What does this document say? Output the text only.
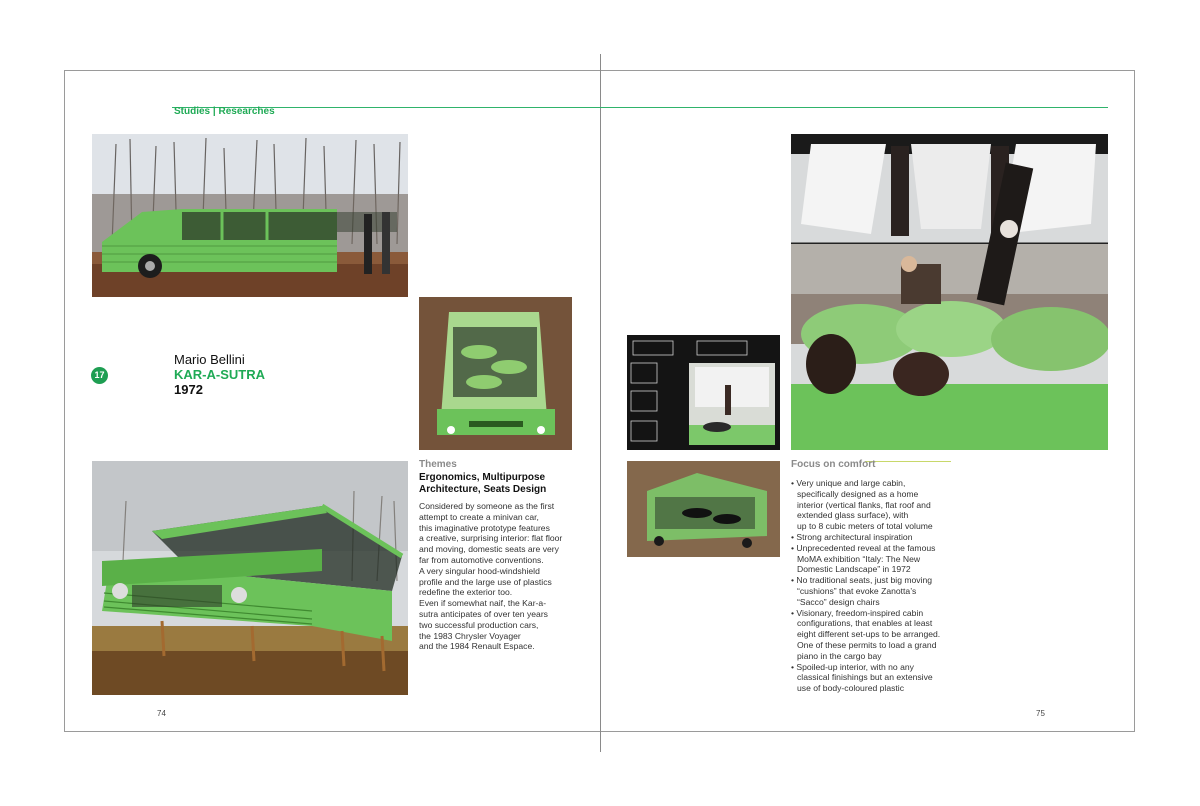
Studies | Researches
17
Mario Bellini
KAR-A-SUTRA
1972
Themes
Ergonomics, Multipurpose
Architecture, Seats Design
Considered by someone as the first
attempt to create a minivan car,
this imaginative prototype features
a creative, surprising interior: flat floor
and moving, domestic seats are very
far from automotive conventions.
A very singular hood-windshield
profile and the large use of plastics
redefine the exterior too.
Even if somewhat naif, the Kar-a-
sutra anticipates of over ten years
two successful production cars,
the 1983 Chrysler Voyager
and the 1984 Renault Espace.
Focus on comfort
• Very unique and large cabin,
specifically designed as a home
interior (vertical flanks, flat roof and
extended glass surface), with
up to 8 cubic meters of total volume
• Strong architectural inspiration
• Unprecedented reveal at the famous
MoMA exhibition “Italy: The New
Domestic Landscape” in 1972
• No traditional seats, just big moving
“cushions” that evoke Zanotta’s
“Sacco” design chairs
• Visionary, freedom-inspired cabin
configurations, that enables at least
eight different set-ups to be arranged.
One of these permits to load a grand
piano in the cargo bay
• Spoiled-up interior, with no any
classical finishings but an extensive
use of body-coloured plastic
74	75
